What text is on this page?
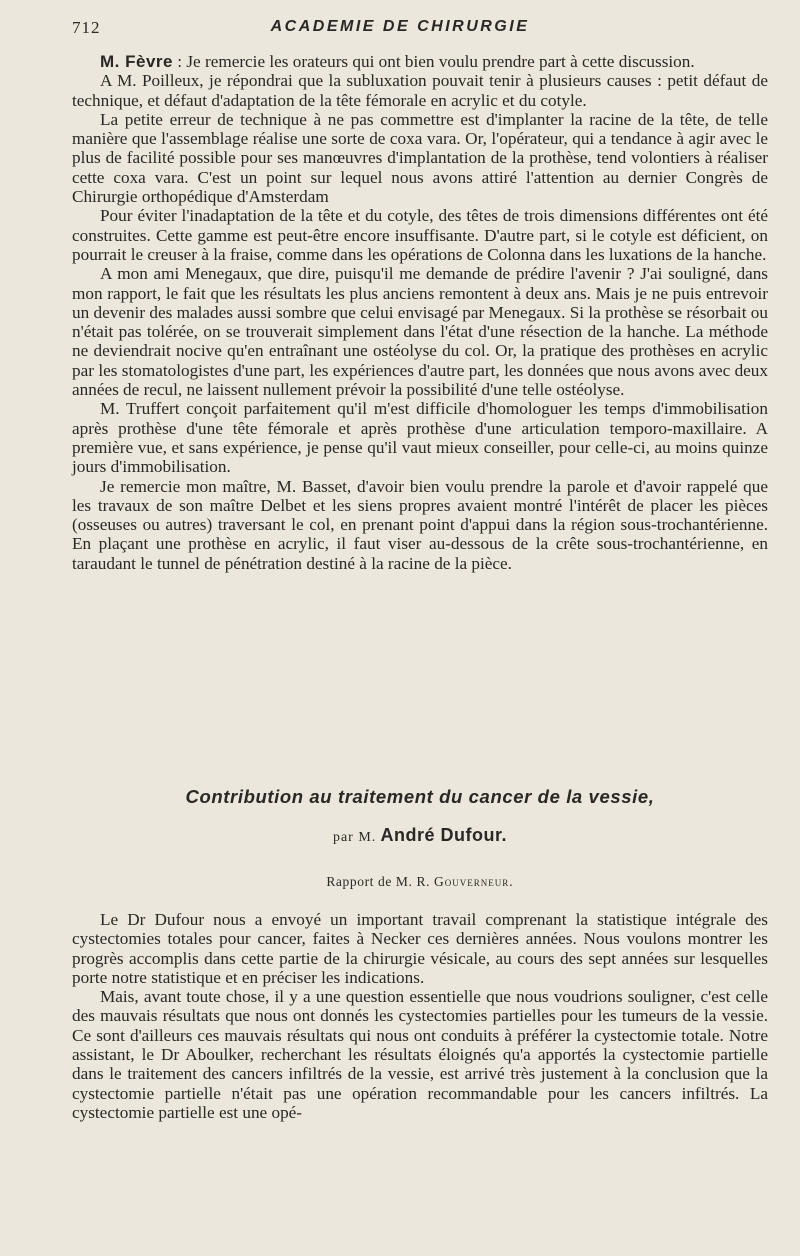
712	ACADEMIE DE CHIRURGIE

M. Fèvre : Je remercie les orateurs qui ont bien voulu prendre part à cette discussion.

A M. Poilleux, je répondrai que la subluxation pouvait tenir à plusieurs causes : petit défaut de technique, et défaut d'adaptation de la tête fémorale en acrylic et du cotyle.

La petite erreur de technique à ne pas commettre est d'implanter la racine de la tête, de telle manière que l'assemblage réalise une sorte de coxa vara. Or, l'opérateur, qui a tendance à agir avec le plus de facilité possible pour ses manœuvres d'implantation de la prothèse, tend volontiers à réaliser cette coxa vara. C'est un point sur lequel nous avons attiré l'attention au dernier Congrès de Chirurgie orthopédique d'Amsterdam

Pour éviter l'inadaptation de la tête et du cotyle, des têtes de trois dimensions différentes ont été construites. Cette gamme est peut-être encore insuffisante. D'autre part, si le cotyle est déficient, on pourrait le creuser à la fraise, comme dans les opérations de Colonna dans les luxations de la hanche.

A mon ami Menegaux, que dire, puisqu'il me demande de prédire l'avenir ? J'ai souligné, dans mon rapport, le fait que les résultats les plus anciens remontent à deux ans. Mais je ne puis entrevoir un devenir des malades aussi sombre que celui envisagé par Menegaux. Si la prothèse se résorbait ou n'était pas tolérée, on se trouverait simplement dans l'état d'une résection de la hanche. La méthode ne deviendrait nocive qu'en entraînant une ostéolyse du col. Or, la pratique des prothèses en acrylic par les stomatologistes d'une part, les expériences d'autre part, les données que nous avons avec deux années de recul, ne laissent nullement prévoir la possibilité d'une telle ostéolyse.

M. Truffert conçoit parfaitement qu'il m'est difficile d'homologuer les temps d'immobilisation après prothèse d'une tête fémorale et après prothèse d'une articulation temporo-maxillaire. A première vue, et sans expérience, je pense qu'il vaut mieux conseiller, pour celle-ci, au moins quinze jours d'immobilisation.

Je remercie mon maître, M. Basset, d'avoir bien voulu prendre la parole et d'avoir rappelé que les travaux de son maître Delbet et les siens propres avaient montré l'intérêt de placer les pièces (osseuses ou autres) traversant le col, en prenant point d'appui dans la région sous-trochantérienne. En plaçant une prothèse en acrylic, il faut viser au-dessous de la crête sous-trochantérienne, en taraudant le tunnel de pénétration destiné à la racine de la pièce.

Contribution au traitement du cancer de la vessie,
par M. André Dufour.
Rapport de M. R. Gouverneur.

Le Dr Dufour nous a envoyé un important travail comprenant la statistique intégrale des cystectomies totales pour cancer, faites à Necker ces dernières années. Nous voulons montrer les progrès accomplis dans cette partie de la chirurgie vésicale, au cours des sept années sur lesquelles porte notre statistique et en préciser les indications.

Mais, avant toute chose, il y a une question essentielle que nous voudrions souligner, c'est celle des mauvais résultats que nous ont donnés les cystectomies partielles pour les tumeurs de la vessie. Ce sont d'ailleurs ces mauvais résultats qui nous ont conduits à préférer la cystectomie totale. Notre assistant, le Dr Aboulker, recherchant les résultats éloignés qu'a apportés la cystectomie partielle dans le traitement des cancers infiltrés de la vessie, est arrivé très justement à la conclusion que la cystectomie partielle n'était pas une opération recommandable pour les cancers infiltrés. La cystectomie partielle est une opé-
